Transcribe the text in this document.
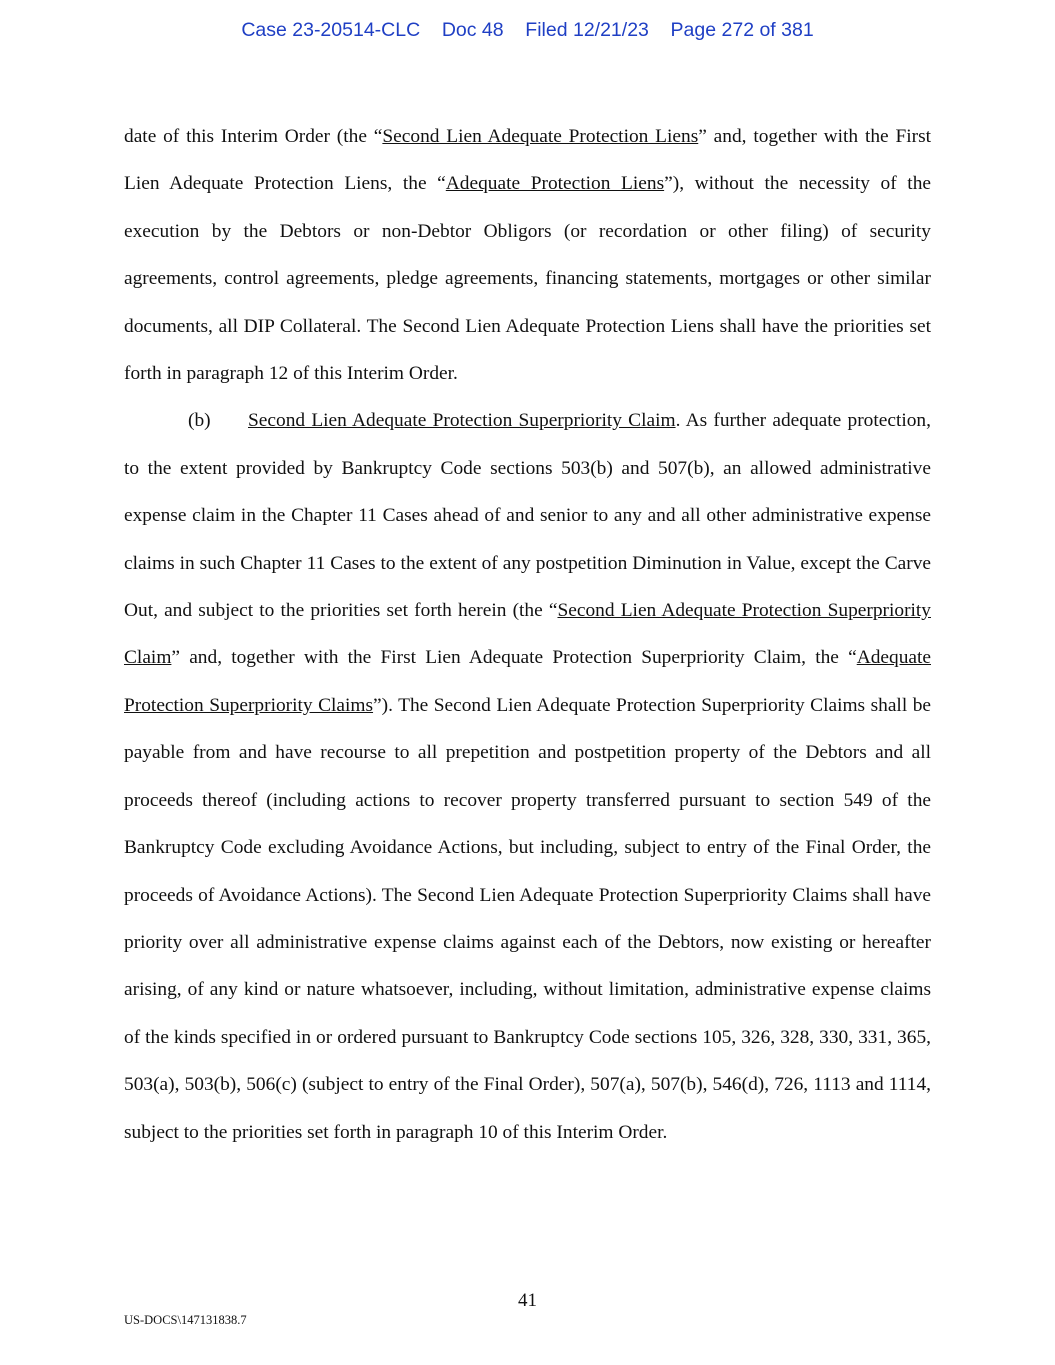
Case 23-20514-CLC    Doc 48    Filed 12/21/23    Page 272 of 381

date of this Interim Order (the “Second Lien Adequate Protection Liens” and, together with the First Lien Adequate Protection Liens, the “Adequate Protection Liens”), without the necessity of the execution by the Debtors or non-Debtor Obligors (or recordation or other filing) of security agreements, control agreements, pledge agreements, financing statements, mortgages or other similar documents, all DIP Collateral. The Second Lien Adequate Protection Liens shall have the priorities set forth in paragraph 12 of this Interim Order.

(b) Second Lien Adequate Protection Superpriority Claim. As further adequate protection, to the extent provided by Bankruptcy Code sections 503(b) and 507(b), an allowed administrative expense claim in the Chapter 11 Cases ahead of and senior to any and all other administrative expense claims in such Chapter 11 Cases to the extent of any postpetition Diminution in Value, except the Carve Out, and subject to the priorities set forth herein (the “Second Lien Adequate Protection Superpriority Claim” and, together with the First Lien Adequate Protection Superpriority Claim, the “Adequate Protection Superpriority Claims”). The Second Lien Adequate Protection Superpriority Claims shall be payable from and have recourse to all prepetition and postpetition property of the Debtors and all proceeds thereof (including actions to recover property transferred pursuant to section 549 of the Bankruptcy Code excluding Avoidance Actions, but including, subject to entry of the Final Order, the proceeds of Avoidance Actions). The Second Lien Adequate Protection Superpriority Claims shall have priority over all administrative expense claims against each of the Debtors, now existing or hereafter arising, of any kind or nature whatsoever, including, without limitation, administrative expense claims of the kinds specified in or ordered pursuant to Bankruptcy Code sections 105, 326, 328, 330, 331, 365, 503(a), 503(b), 506(c) (subject to entry of the Final Order), 507(a), 507(b), 546(d), 726, 1113 and 1114, subject to the priorities set forth in paragraph 10 of this Interim Order.

41
US-DOCS\147131838.7
